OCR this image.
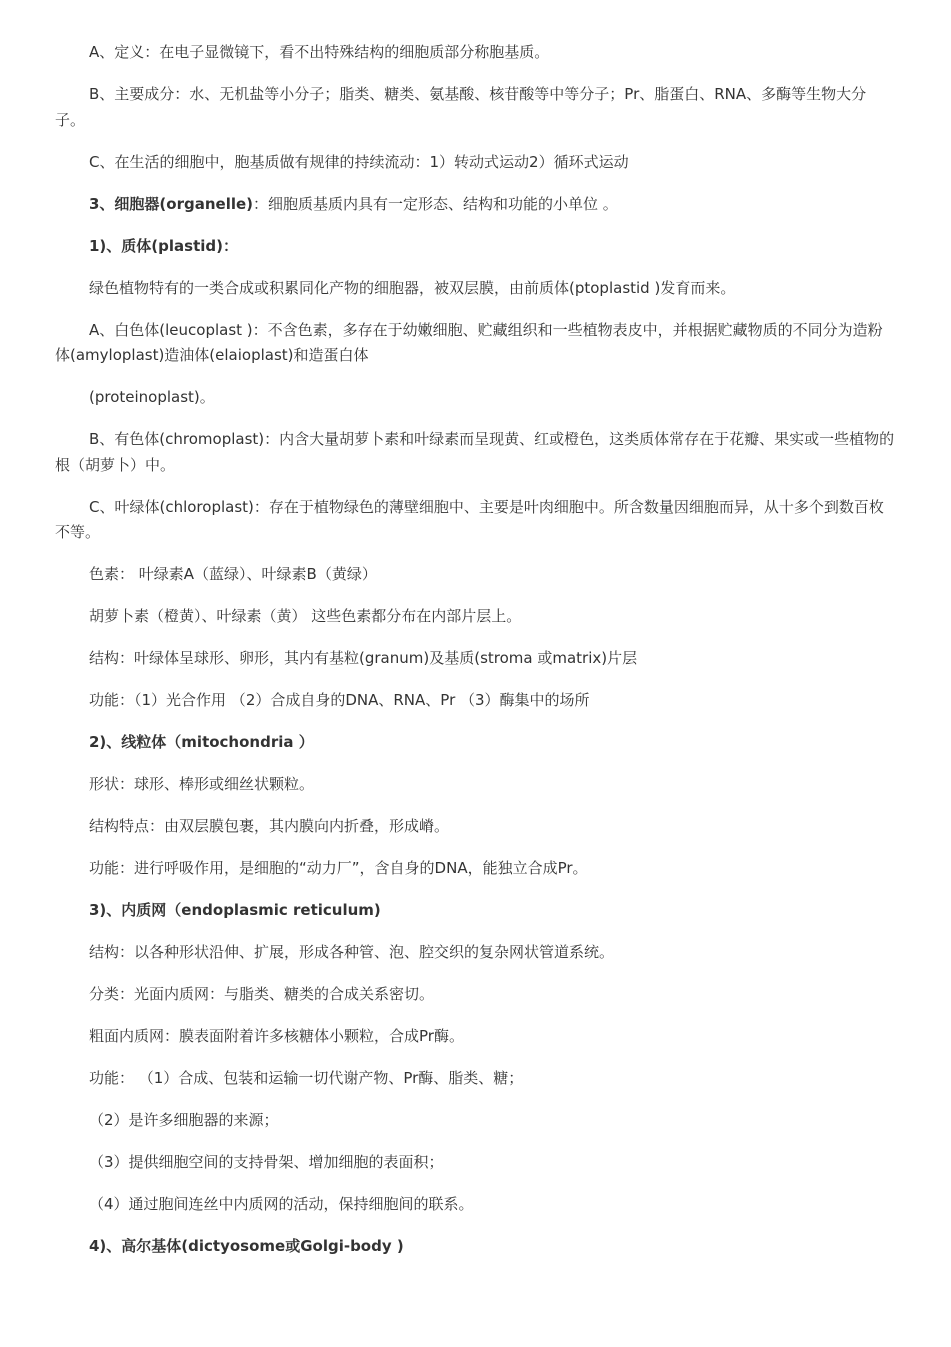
A、定义：在电子显微镜下，看不出特殊结构的细胞质部分称胞基质。

B、主要成分：水、无机盐等小分子；脂类、糖类、氨基酸、核苷酸等中等分子；Pr、脂蛋白、RNA、多酶等生物大分子。

C、在生活的细胞中，胞基质做有规律的持续流动：1）转动式运动2）循环式运动

3、细胞器(organelle)：细胞质基质内具有一定形态、结构和功能的小单位 。

1)、质体(plastid)：

绿色植物特有的一类合成或积累同化产物的细胞器，被双层膜，由前质体(ptoplastid )发育而来。

A、白色体(leucoplast )：不含色素，多存在于幼嫩细胞、贮藏组织和一些植物表皮中，并根据贮藏物质的不同分为造粉体(amyloplast)造油体(elaioplast)和造蛋白体

(proteinoplast)。

B、有色体(chromoplast)：内含大量胡萝卜素和叶绿素而呈现黄、红或橙色，这类质体常存在于花瓣、果实或一些植物的根（胡萝卜）中。

C、叶绿体(chloroplast)：存在于植物绿色的薄壁细胞中、主要是叶肉细胞中。所含数量因细胞而异，从十多个到数百枚不等。

色素： 叶绿素A（蓝绿）、叶绿素B（黄绿）

胡萝卜素（橙黄）、叶绿素（黄） 这些色素都分布在内部片层上。

结构：叶绿体呈球形、卵形，其内有基粒(granum)及基质(stroma 或matrix)片层

功能：（1）光合作用 （2）合成自身的DNA、RNA、Pr （3）酶集中的场所

2)、线粒体（mitochondria ）

形状：球形、棒形或细丝状颗粒。

结构特点：由双层膜包裹，其内膜向内折叠，形成嵴。

功能：进行呼吸作用，是细胞的“动力厂”，含自身的DNA，能独立合成Pr。

3)、内质网（endoplasmic reticulum)

结构：以各种形状沿伸、扩展，形成各种管、泡、腔交织的复杂网状管道系统。

分类：光面内质网：与脂类、糖类的合成关系密切。

粗面内质网：膜表面附着许多核糖体小颗粒，合成Pr酶。

功能： （1）合成、包装和运输一切代谢产物、Pr酶、脂类、糖；

（2）是许多细胞器的来源；

（3）提供细胞空间的支持骨架、增加细胞的表面积；

（4）通过胞间连丝中内质网的活动，保持细胞间的联系。

4)、高尔基体(dictyosome或Golgi-body )
